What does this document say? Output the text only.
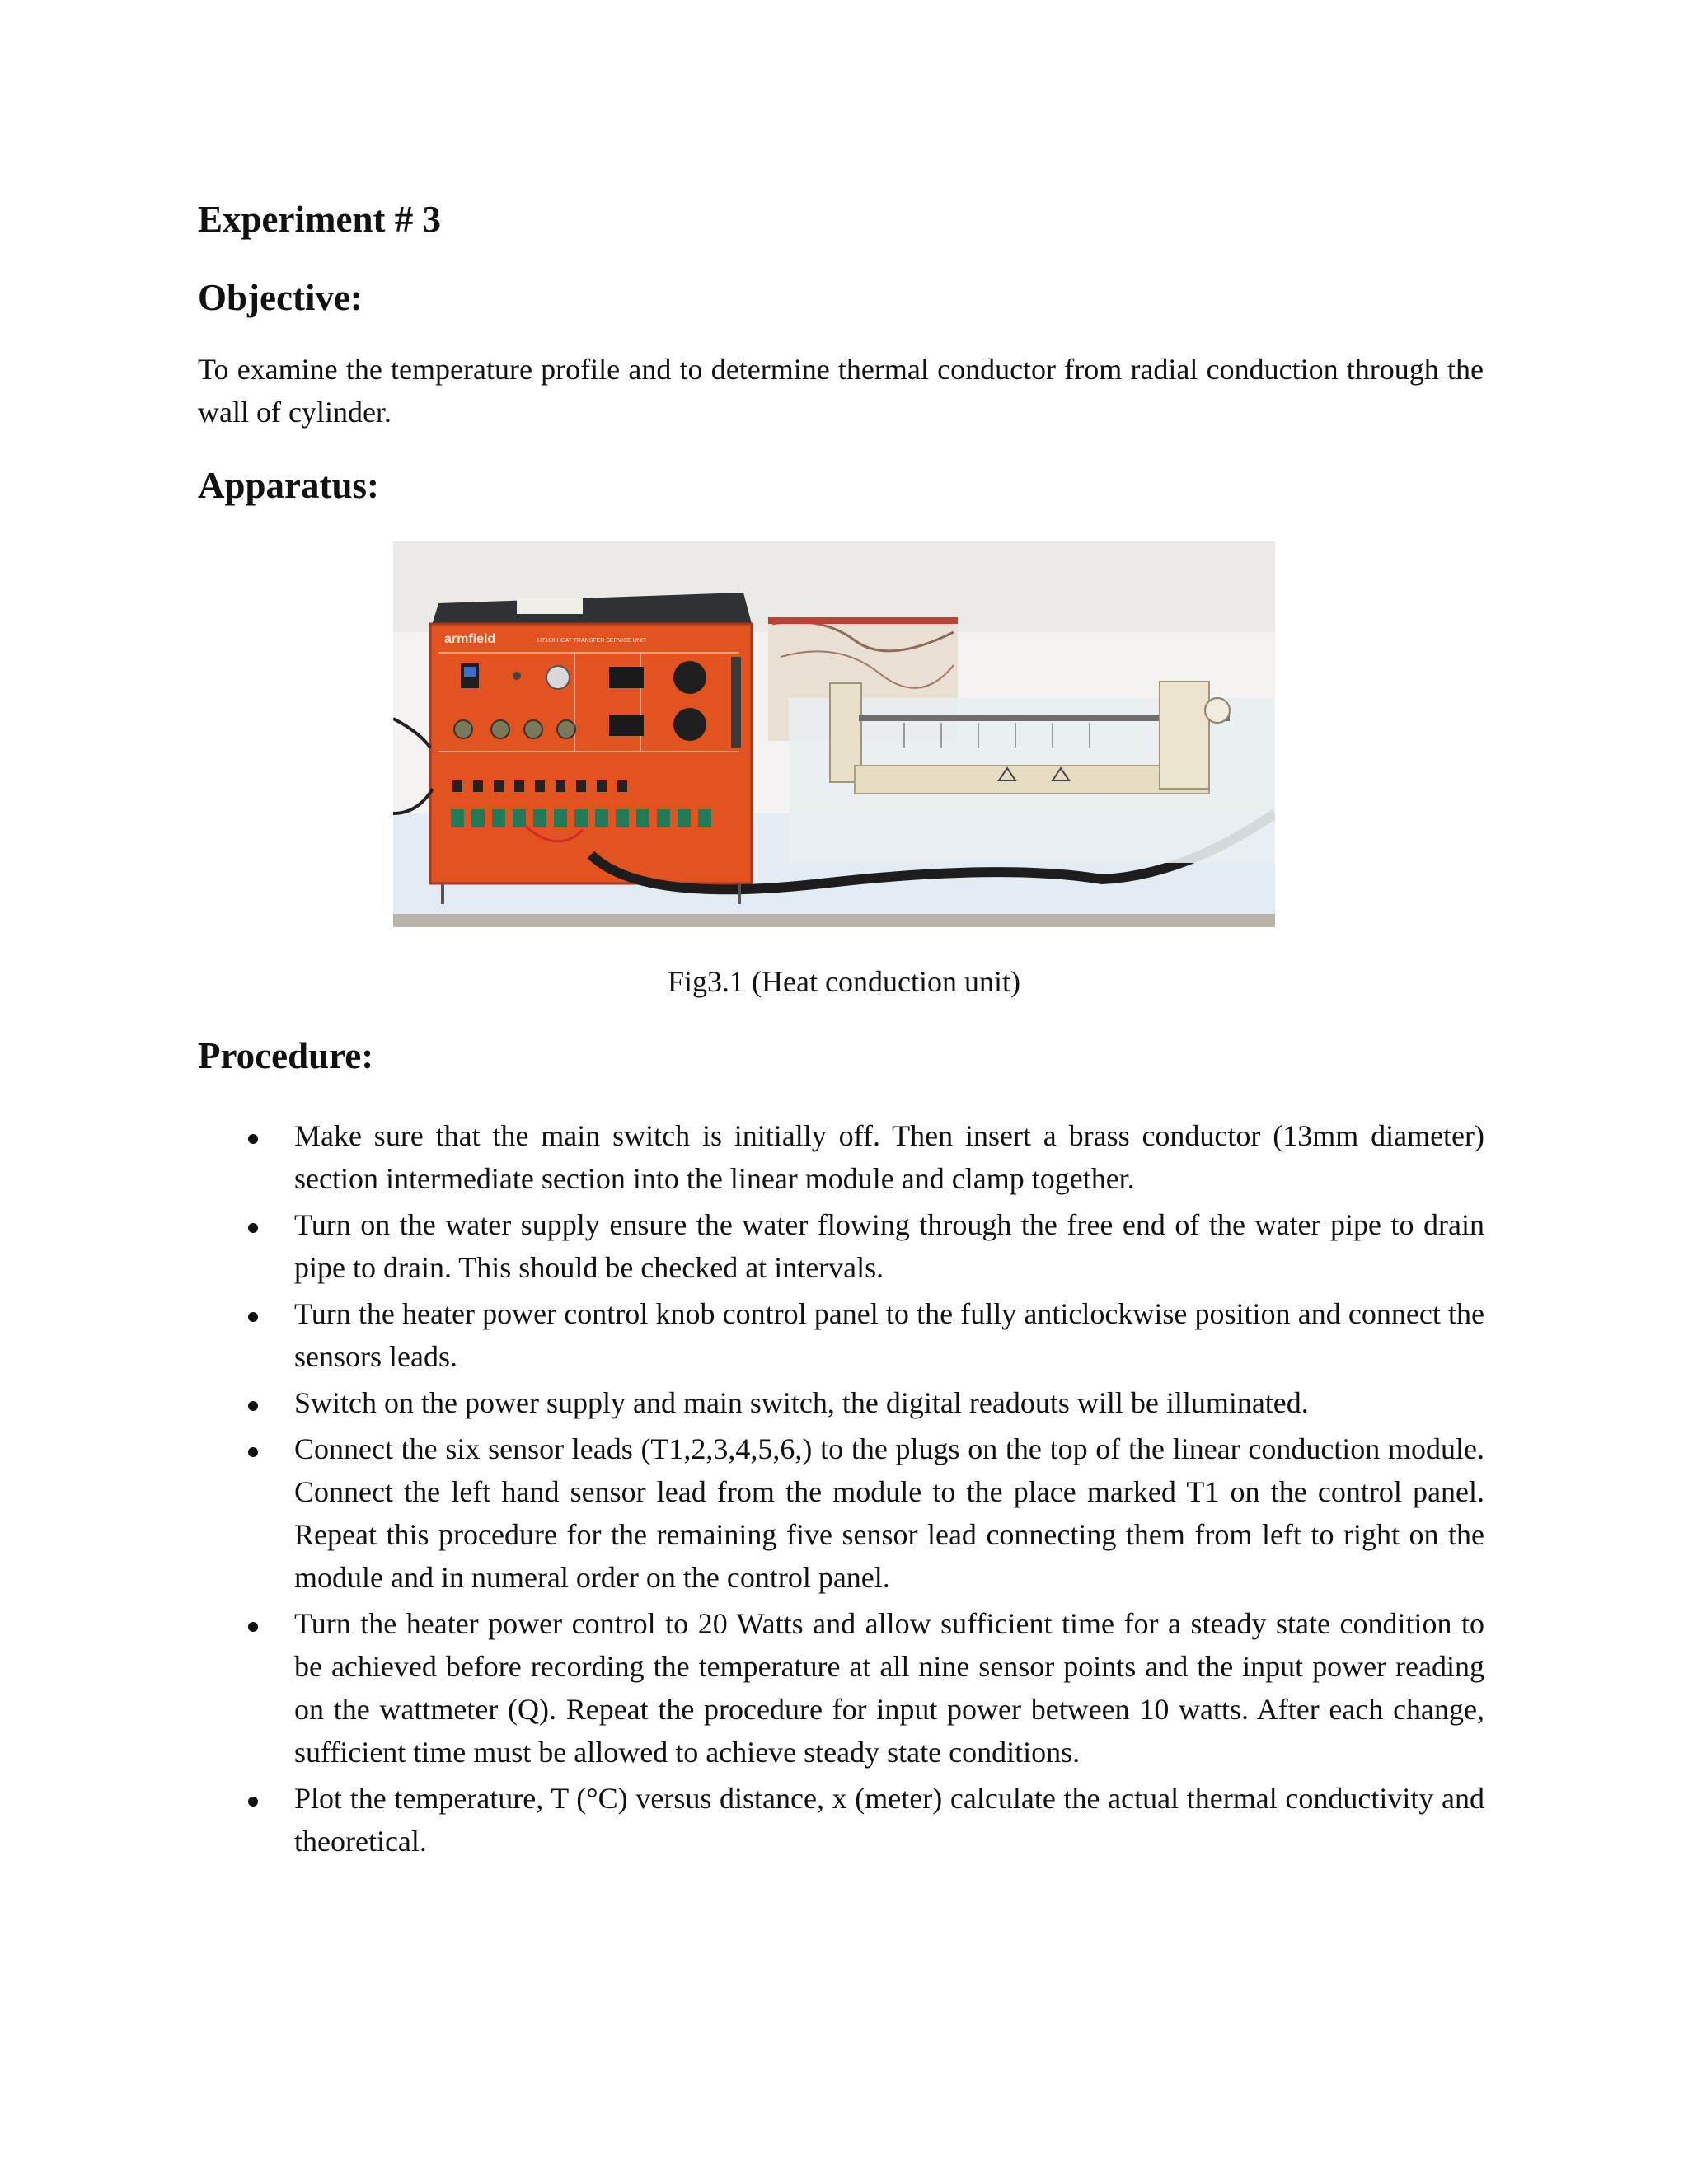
Experiment # 3
Objective:

To examine the temperature profile and to determine thermal conductor from radial conduction through the wall of cylinder.

Apparatus:
armfield	HT10X HEAT TRANSFER SERVICE UNIT

Fig3.1 (Heat conduction unit)

Procedure:
Make sure that the main switch is initially off. Then insert a brass conductor (13mm diameter) section intermediate section into the linear module and clamp together.
Turn on the water supply ensure the water flowing through the free end of the water pipe to drain pipe to drain. This should be checked at intervals.
Turn the heater power control knob control panel to the fully anticlockwise position and connect the sensors leads.
Switch on the power supply and main switch, the digital readouts will be illuminated.
Connect the six sensor leads (T1,2,3,4,5,6,) to the plugs on the top of the linear conduction module. Connect the left hand sensor lead from the module to the place marked T1 on the control panel. Repeat this procedure for the remaining five sensor lead connecting them from left to right on the module and in numeral order on the control panel.
Turn the heater power control to 20 Watts and allow sufficient time for a steady state condition to be achieved before recording the temperature at all nine sensor points and the input power reading on the wattmeter (Q). Repeat the procedure for input power between 10 watts. After each change, sufficient time must be allowed to achieve steady state conditions.
Plot the temperature, T (°C) versus distance, x (meter) calculate the actual thermal conductivity and theoretical.
